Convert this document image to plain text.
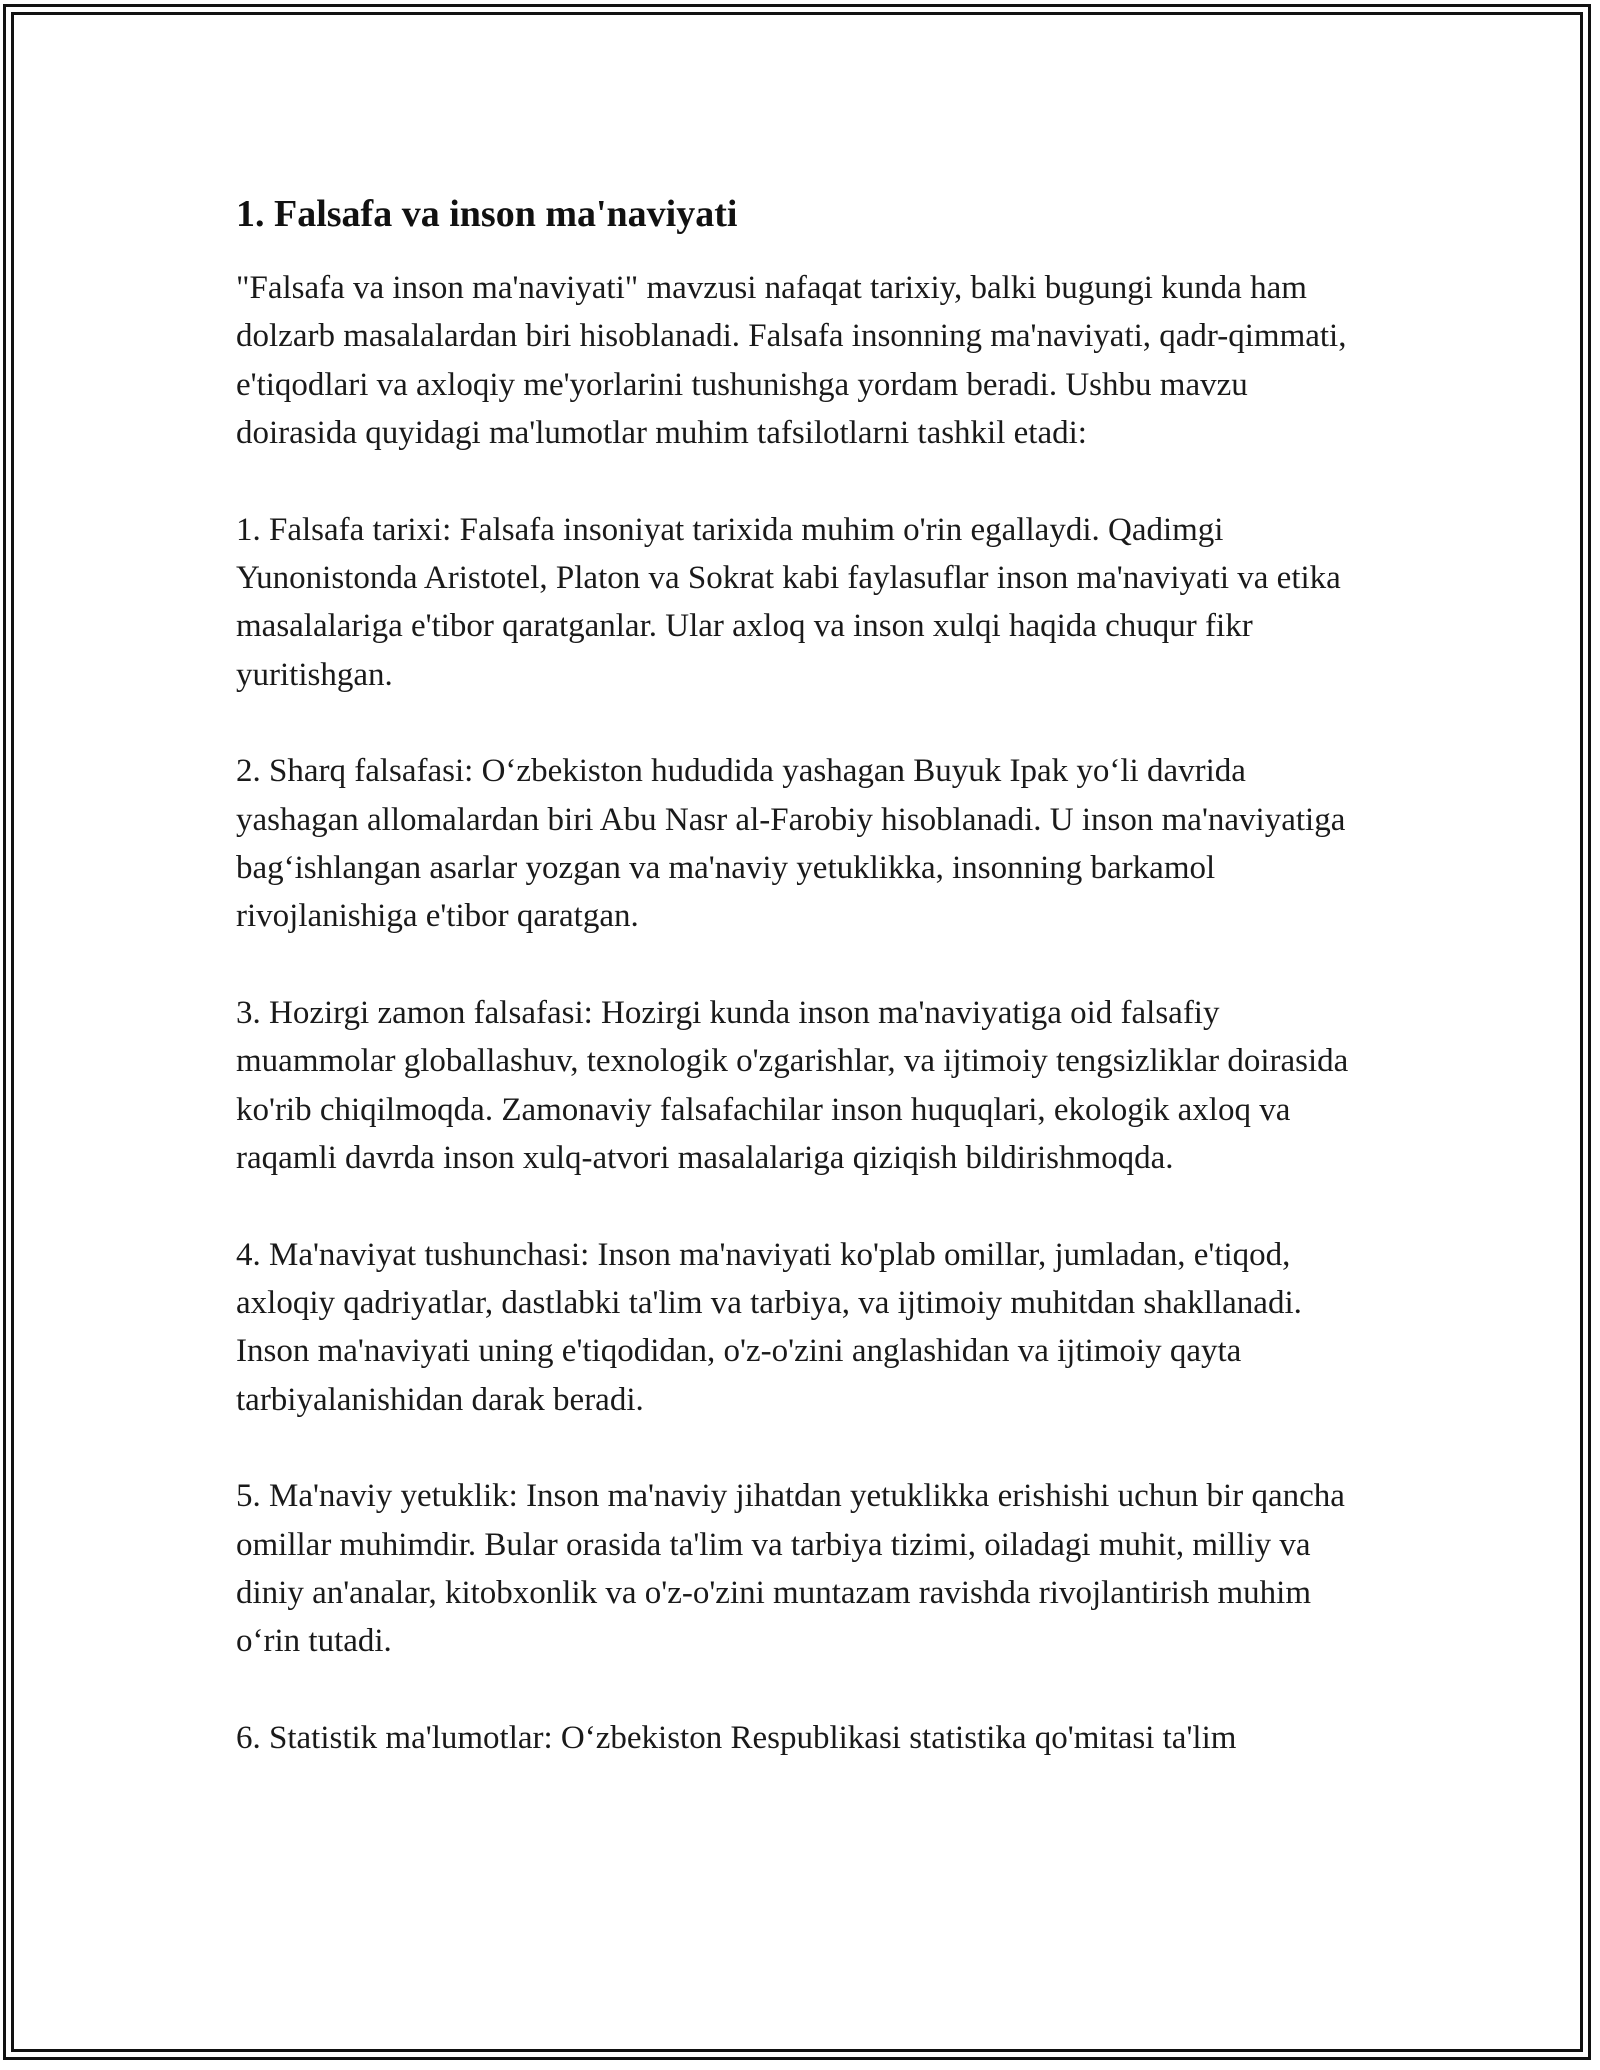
1. Falsafa va inson ma'naviyati

"Falsafa va inson ma'naviyati" mavzusi nafaqat tarixiy, balki bugungi kunda ham dolzarb masalalardan biri hisoblanadi. Falsafa insonning ma'naviyati, qadr-qimmati, e'tiqodlari va axloqiy me'yorlarini tushunishga yordam beradi. Ushbu mavzu doirasida quyidagi ma'lumotlar muhim tafsilotlarni tashkil etadi:

1. Falsafa tarixi: Falsafa insoniyat tarixida muhim o'rin egallaydi. Qadimgi Yunonistonda Aristotel, Platon va Sokrat kabi faylasuflar inson ma'naviyati va etika masalalariga e'tibor qaratganlar. Ular axloq va inson xulqi haqida chuqur fikr yuritishgan.

2. Sharq falsafasi: O‘zbekiston hududida yashagan Buyuk Ipak yo‘li davrida yashagan allomalardan biri Abu Nasr al-Farobiy hisoblanadi. U inson ma'naviyatiga bag‘ishlangan asarlar yozgan va ma'naviy yetuklikka, insonning barkamol rivojlanishiga e'tibor qaratgan.

3. Hozirgi zamon falsafasi: Hozirgi kunda inson ma'naviyatiga oid falsafiy muammolar globallashuv, texnologik o'zgarishlar, va ijtimoiy tengsizliklar doirasida ko'rib chiqilmoqda. Zamonaviy falsafachilar inson huquqlari, ekologik axloq va raqamli davrda inson xulq-atvori masalalariga qiziqish bildirishmoqda.

4. Ma'naviyat tushunchasi: Inson ma'naviyati ko'plab omillar, jumladan, e'tiqod, axloqiy qadriyatlar, dastlabki ta'lim va tarbiya, va ijtimoiy muhitdan shakllanadi. Inson ma'naviyati uning e'tiqodidan, o'z-o'zini anglashidan va ijtimoiy qayta tarbiyalanishidan darak beradi.

5. Ma'naviy yetuklik: Inson ma'naviy jihatdan yetuklikka erishishi uchun bir qancha omillar muhimdir. Bular orasida ta'lim va tarbiya tizimi, oiladagi muhit, milliy va diniy an'analar, kitobxonlik va o'z-o'zini muntazam ravishda rivojlantirish muhim o‘rin tutadi.

6. Statistik ma'lumotlar: O‘zbekiston Respublikasi statistika qo'mitasi ta'lim
